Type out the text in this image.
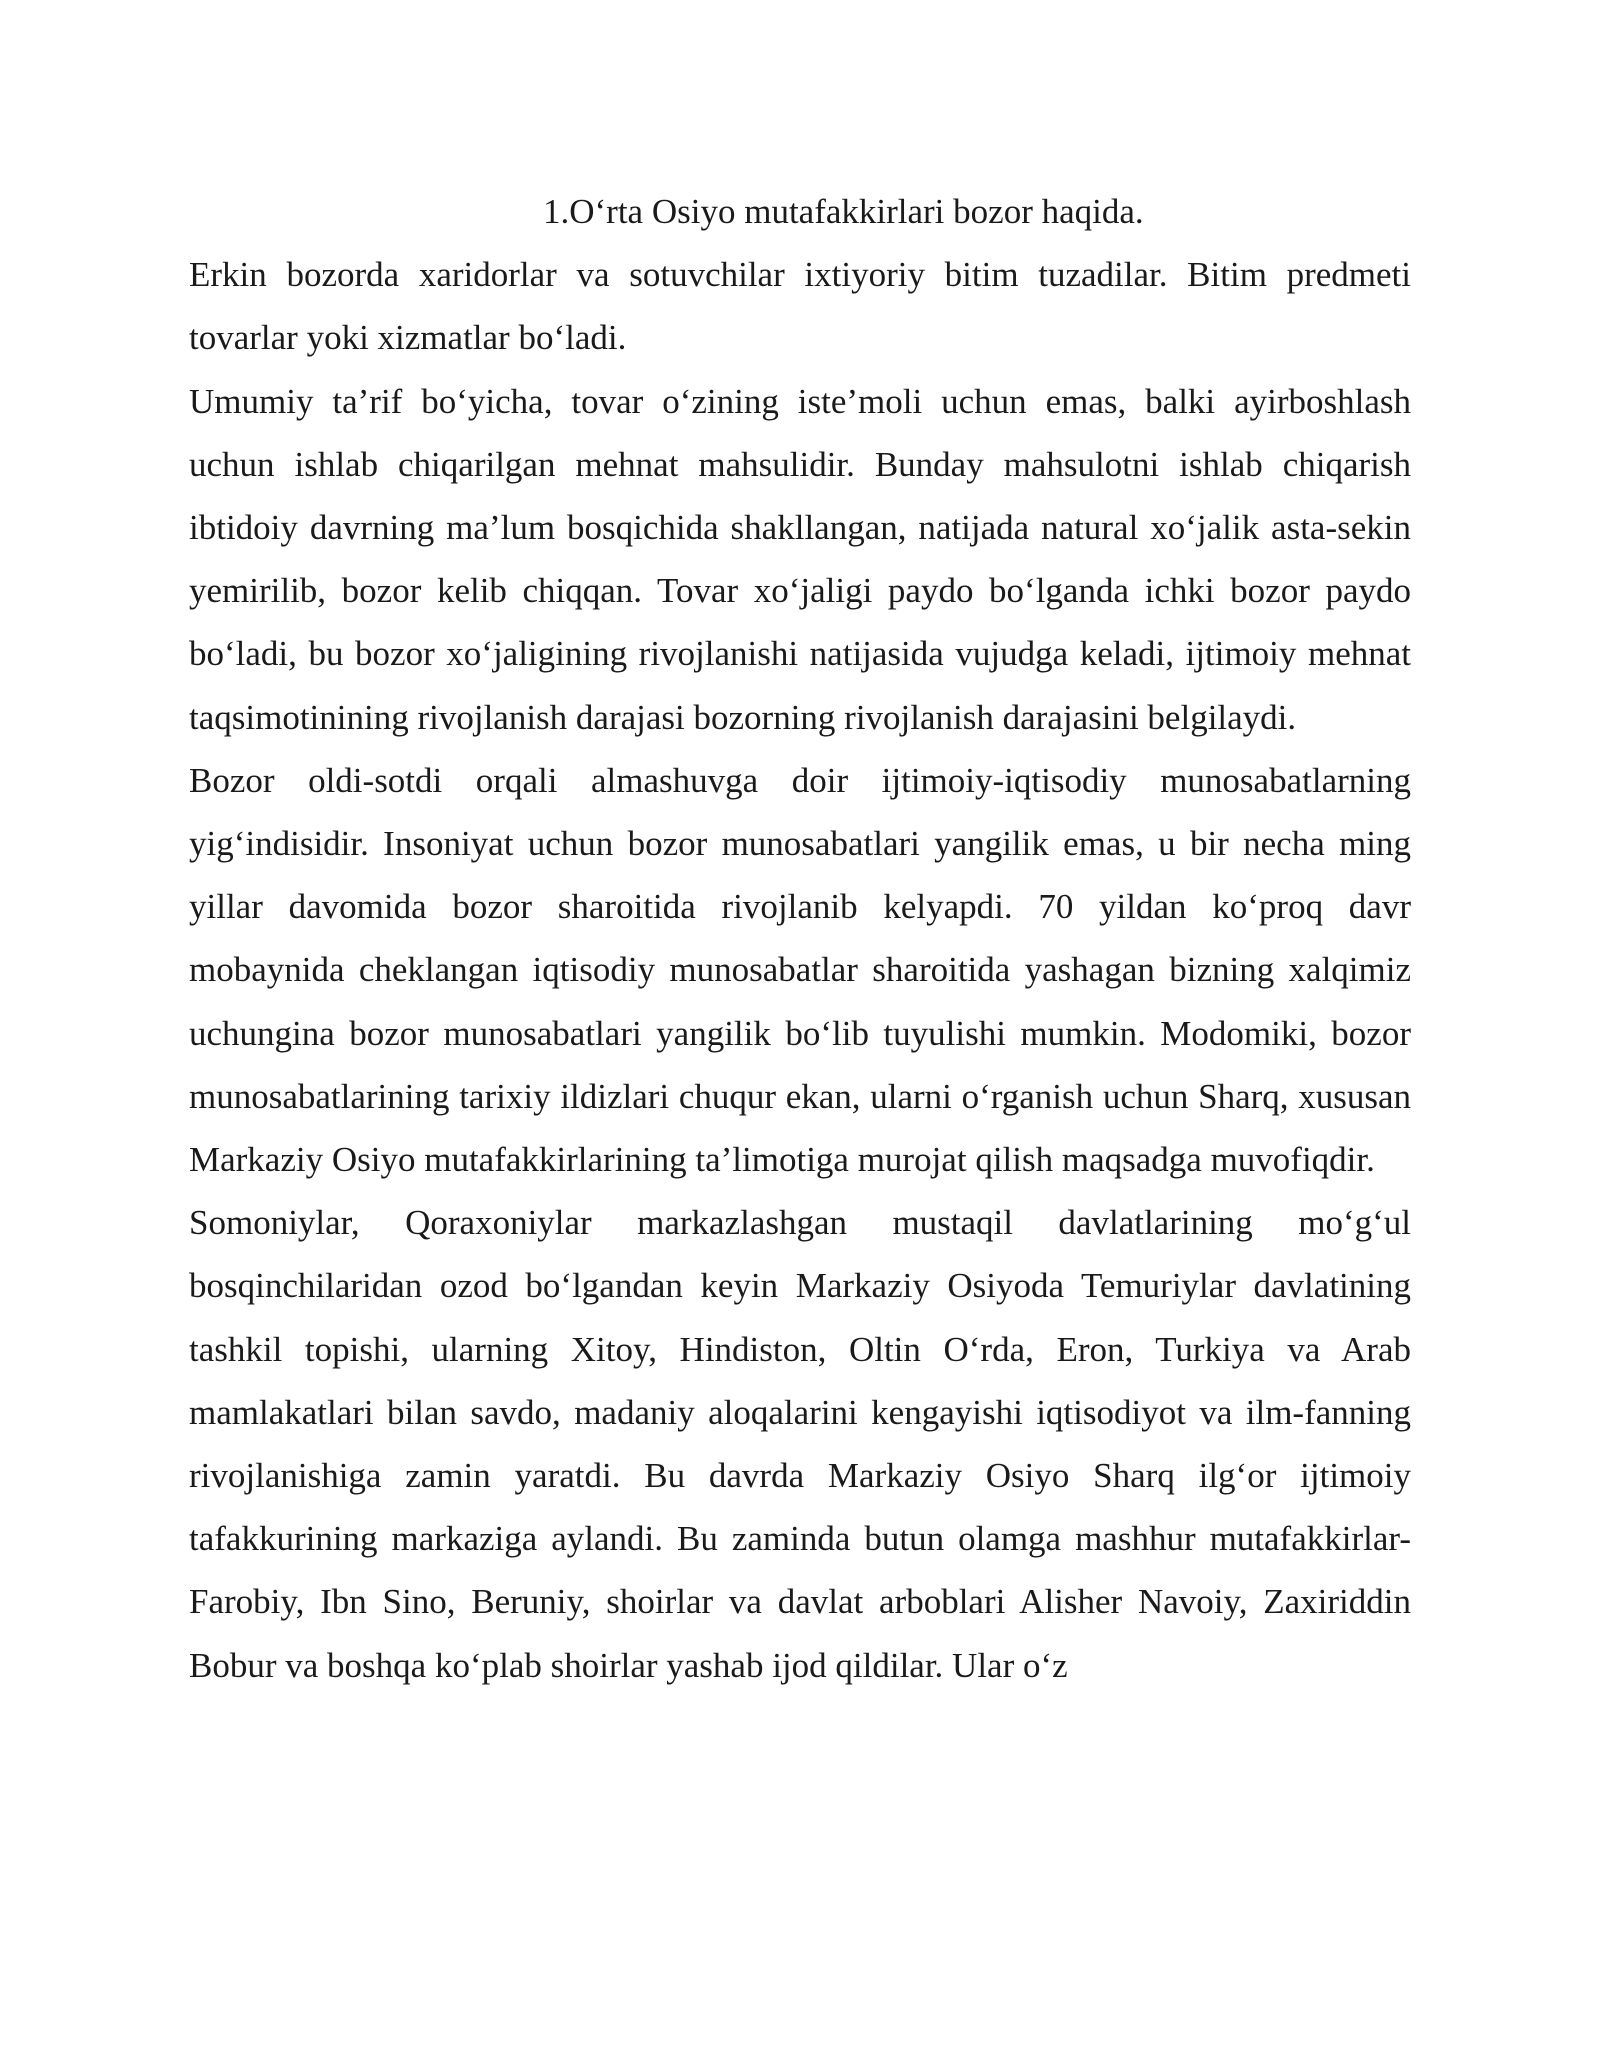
1.O‘rta Osiyo mutafakkirlari bozor haqida.

Erkin bozorda xaridorlar va sotuvchilar ixtiyoriy bitim tuzadilar. Bitim predmeti tovarlar yoki xizmatlar bo‘ladi.

Umumiy ta’rif bo‘yicha, tovar o‘zining iste’moli uchun emas, balki ayirboshlash uchun ishlab chiqarilgan mehnat mahsulidir. Bunday mahsulotni ishlab chiqarish ibtidoiy davrning ma’lum bosqichida shakllangan, natijada natural xo‘jalik asta-sekin yemirilib, bozor kelib chiqqan. Tovar xo‘jaligi paydo bo‘lganda ichki bozor paydo bo‘ladi, bu bozor xo‘jaligining rivojlanishi natijasida vujudga keladi, ijtimoiy mehnat taqsimotinining rivojlanish darajasi bozorning rivojlanish darajasini belgilaydi.

Bozor oldi-sotdi orqali almashuvga doir ijtimoiy-iqtisodiy munosabatlarning yig‘indisidir. Insoniyat uchun bozor munosabatlari yangilik emas, u bir necha ming yillar davomida bozor sharoitida rivojlanib kelyapdi. 70 yildan ko‘proq davr mobaynida cheklangan iqtisodiy munosabatlar sharoitida yashagan bizning xalqimiz uchungina bozor munosabatlari yangilik bo‘lib tuyulishi mumkin. Modomiki, bozor munosabatlarining tarixiy ildizlari chuqur ekan, ularni o‘rganish uchun Sharq, xususan Markaziy Osiyo mutafakkirlarining ta’limotiga murojat qilish maqsadga muvofiqdir.

Somoniylar, Qoraxoniylar markazlashgan mustaqil davlatlarining mo‘g‘ul bosqinchilaridan ozod bo‘lgandan keyin Markaziy Osiyoda Temuriylar davlatining tashkil topishi, ularning Xitoy, Hindiston, Oltin O‘rda, Eron, Turkiya va Arab mamlakatlari bilan savdo, madaniy aloqalarini kengayishi iqtisodiyot va ilm-fanning rivojlanishiga zamin yaratdi. Bu davrda Markaziy Osiyo Sharq ilg‘or ijtimoiy tafakkurining markaziga aylandi. Bu zaminda butun olamga mashhur mutafakkirlar-Farobiy, Ibn Sino, Beruniy, shoirlar va davlat arboblari Alisher Navoiy, Zaxiriddin Bobur va boshqa ko‘plab shoirlar yashab ijod qildilar. Ular o‘z
